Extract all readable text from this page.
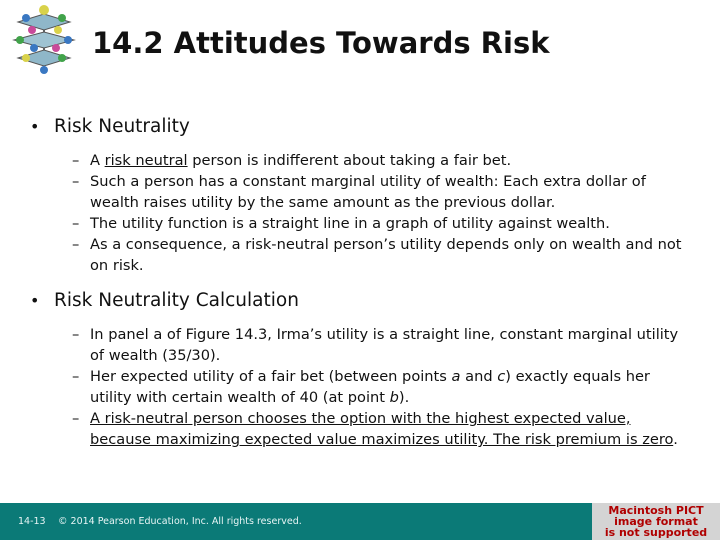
14.2 Attitudes Towards Risk
• Risk Neutrality
– A risk neutral person is indifferent about taking a fair bet.
– Such a person has a constant marginal utility of wealth: Each extra dollar of wealth raises utility by the same amount as the previous dollar.
– The utility function is a straight line in a graph of utility against wealth.
– As a consequence, a risk-neutral person’s utility depends only on wealth and not on risk.
• Risk Neutrality Calculation
– In panel a of Figure 14.3, Irma’s utility is a straight line, constant marginal utility of wealth (35/30).
– Her expected utility of a fair bet (between points a and c) exactly equals her utility with certain wealth of 40 (at point b).
– A risk-neutral person chooses the option with the highest expected value, because maximizing expected value maximizes utility. The risk premium is zero.
14-13	© 2014 Pearson Education, Inc. All rights reserved.
Macintosh PICT
image format
is not supported
